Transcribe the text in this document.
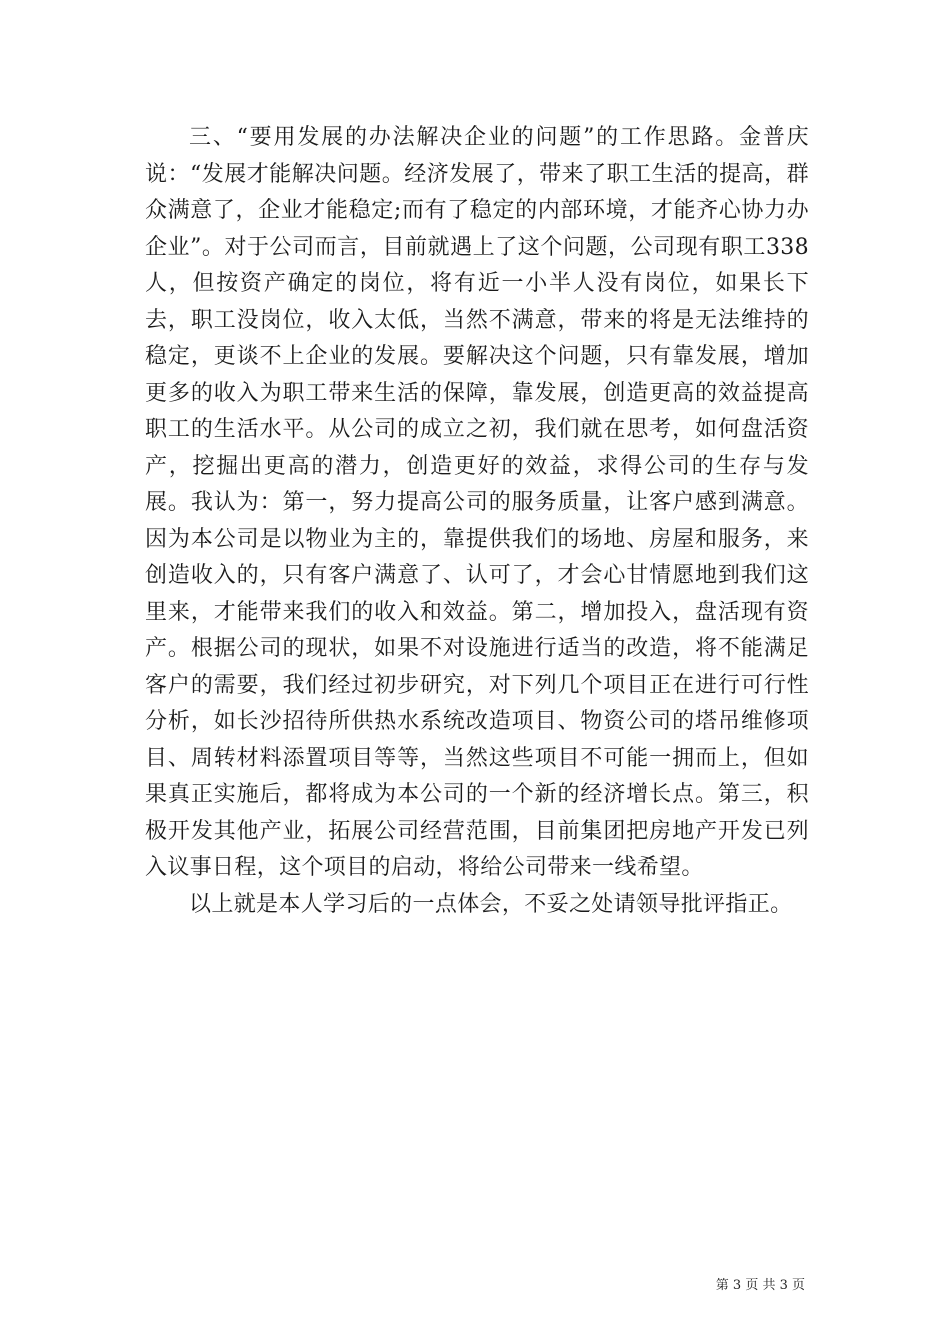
三、“要用发展的办法解决企业的问题”的工作思路。金普庆说：“发展才能解决问题。经济发展了，带来了职工生活的提高，群众满意了，企业才能稳定;而有了稳定的内部环境，才能齐心协力办企业”。对于公司而言，目前就遇上了这个问题，公司现有职工338人，但按资产确定的岗位，将有近一小半人没有岗位，如果长下去，职工没岗位，收入太低，当然不满意，带来的将是无法维持的稳定，更谈不上企业的发展。要解决这个问题，只有靠发展，增加更多的收入为职工带来生活的保障，靠发展，创造更高的效益提高职工的生活水平。从公司的成立之初，我们就在思考，如何盘活资产，挖掘出更高的潜力，创造更好的效益，求得公司的生存与发展。我认为：第一，努力提高公司的服务质量，让客户感到满意。因为本公司是以物业为主的，靠提供我们的场地、房屋和服务，来创造收入的，只有客户满意了、认可了，才会心甘情愿地到我们这里来，才能带来我们的收入和效益。第二，增加投入，盘活现有资产。根据公司的现状，如果不对设施进行适当的改造，将不能满足客户的需要，我们经过初步研究，对下列几个项目正在进行可行性分析，如长沙招待所供热水系统改造项目、物资公司的塔吊维修项目、周转材料添置项目等等，当然这些项目不可能一拥而上，但如果真正实施后，都将成为本公司的一个新的经济增长点。第三，积极开发其他产业，拓展公司经营范围，目前集团把房地产开发已列入议事日程，这个项目的启动，将给公司带来一线希望。

以上就是本人学习后的一点体会，不妥之处请领导批评指正。

第 3 页 共 3 页
